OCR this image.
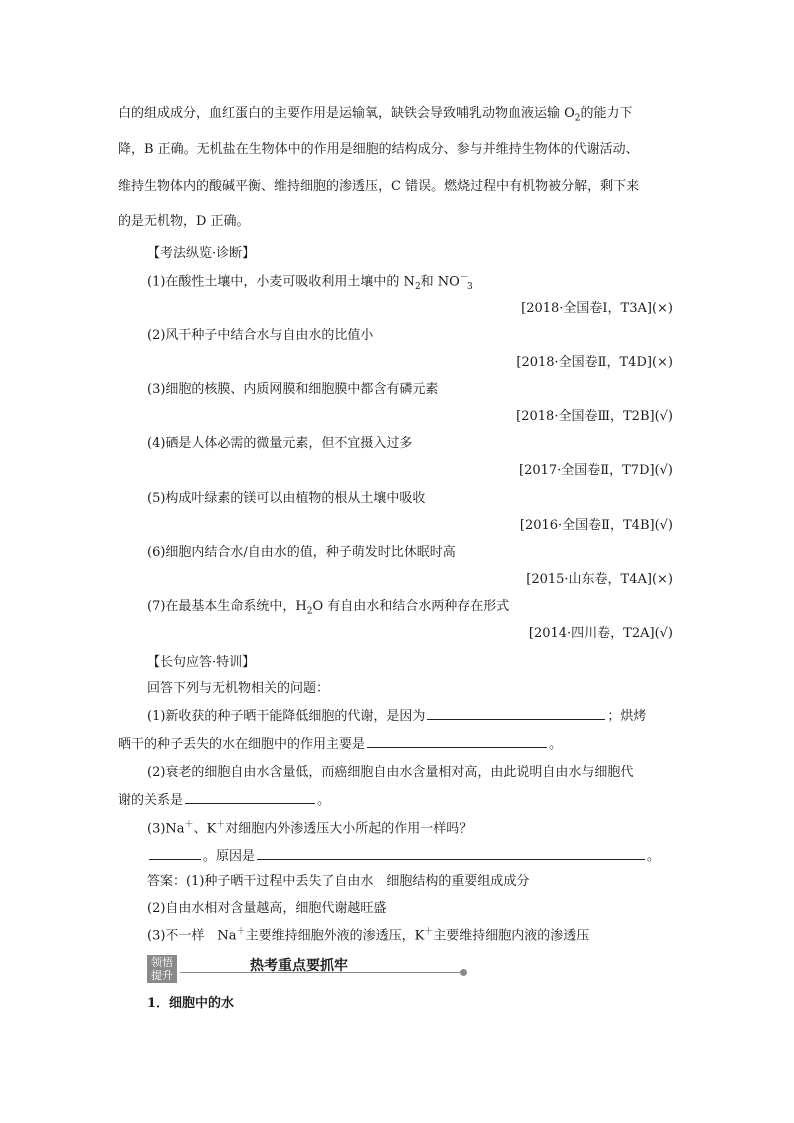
白的组成成分，血红蛋白的主要作用是运输氧，缺铁会导致哺乳动物血液运输 $O_2$的能力下
降，B 正确。无机盐在生物体中的作用是细胞的结构成分、参与并维持生物体的代谢活动、
维持生物体内的酸碱平衡、维持细胞的渗透压，C 错误。燃烧过程中有机物被分解，剩下来
的是无机物，D 正确。
【考法纵览·诊断】
(1)在酸性土壤中，小麦可吸收利用土壤中的 $N_2$和 NO－ $_3$
[2018·全国卷Ⅰ，T3A](×)
(2)风干种子中结合水与自由水的比值小
[2018·全国卷Ⅱ，T4D](×)
(3)细胞的核膜、内质网膜和细胞膜中都含有磷元素
[2018·全国卷Ⅲ，T2B](√)
(4)硒是人体必需的微量元素，但不宜摄入过多
[2017·全国卷Ⅱ，T7D](√)
(5)构成叶绿素的镁可以由植物的根从土壤中吸收
[2016·全国卷Ⅱ，T4B](√)
(6)细胞内结合水/自由水的值，种子萌发时比休眠时高
[2015·山东卷，T4A](×)
(7)在最基本生命系统中，$H_2O$ 有自由水和结合水两种存在形式
[2014·四川卷，T2A](√)
【长句应答·特训】
回答下列与无机物相关的问题：
(1)新收获的种子晒干能降低细胞的代谢，是因为	；烘烤
晒干的种子丢失的水在细胞中的作用主要是	。
(2)衰老的细胞自由水含量低，而癌细胞自由水含量相对高，由此说明自由水与细胞代
谢的关系是	。
(3)Na＋、K＋对细胞内外渗透压大小所起的作用一样吗？
。原因是	。
答案：(1)种子晒干过程中丢失了自由水　细胞结构的重要组成成分
(2)自由水相对含量越高，细胞代谢越旺盛
(3)不一样　Na＋主要维持细胞外液的渗透压，K＋主要维持细胞内液的渗透压
领悟
提升
热考重点要抓牢
1．细胞中的水
